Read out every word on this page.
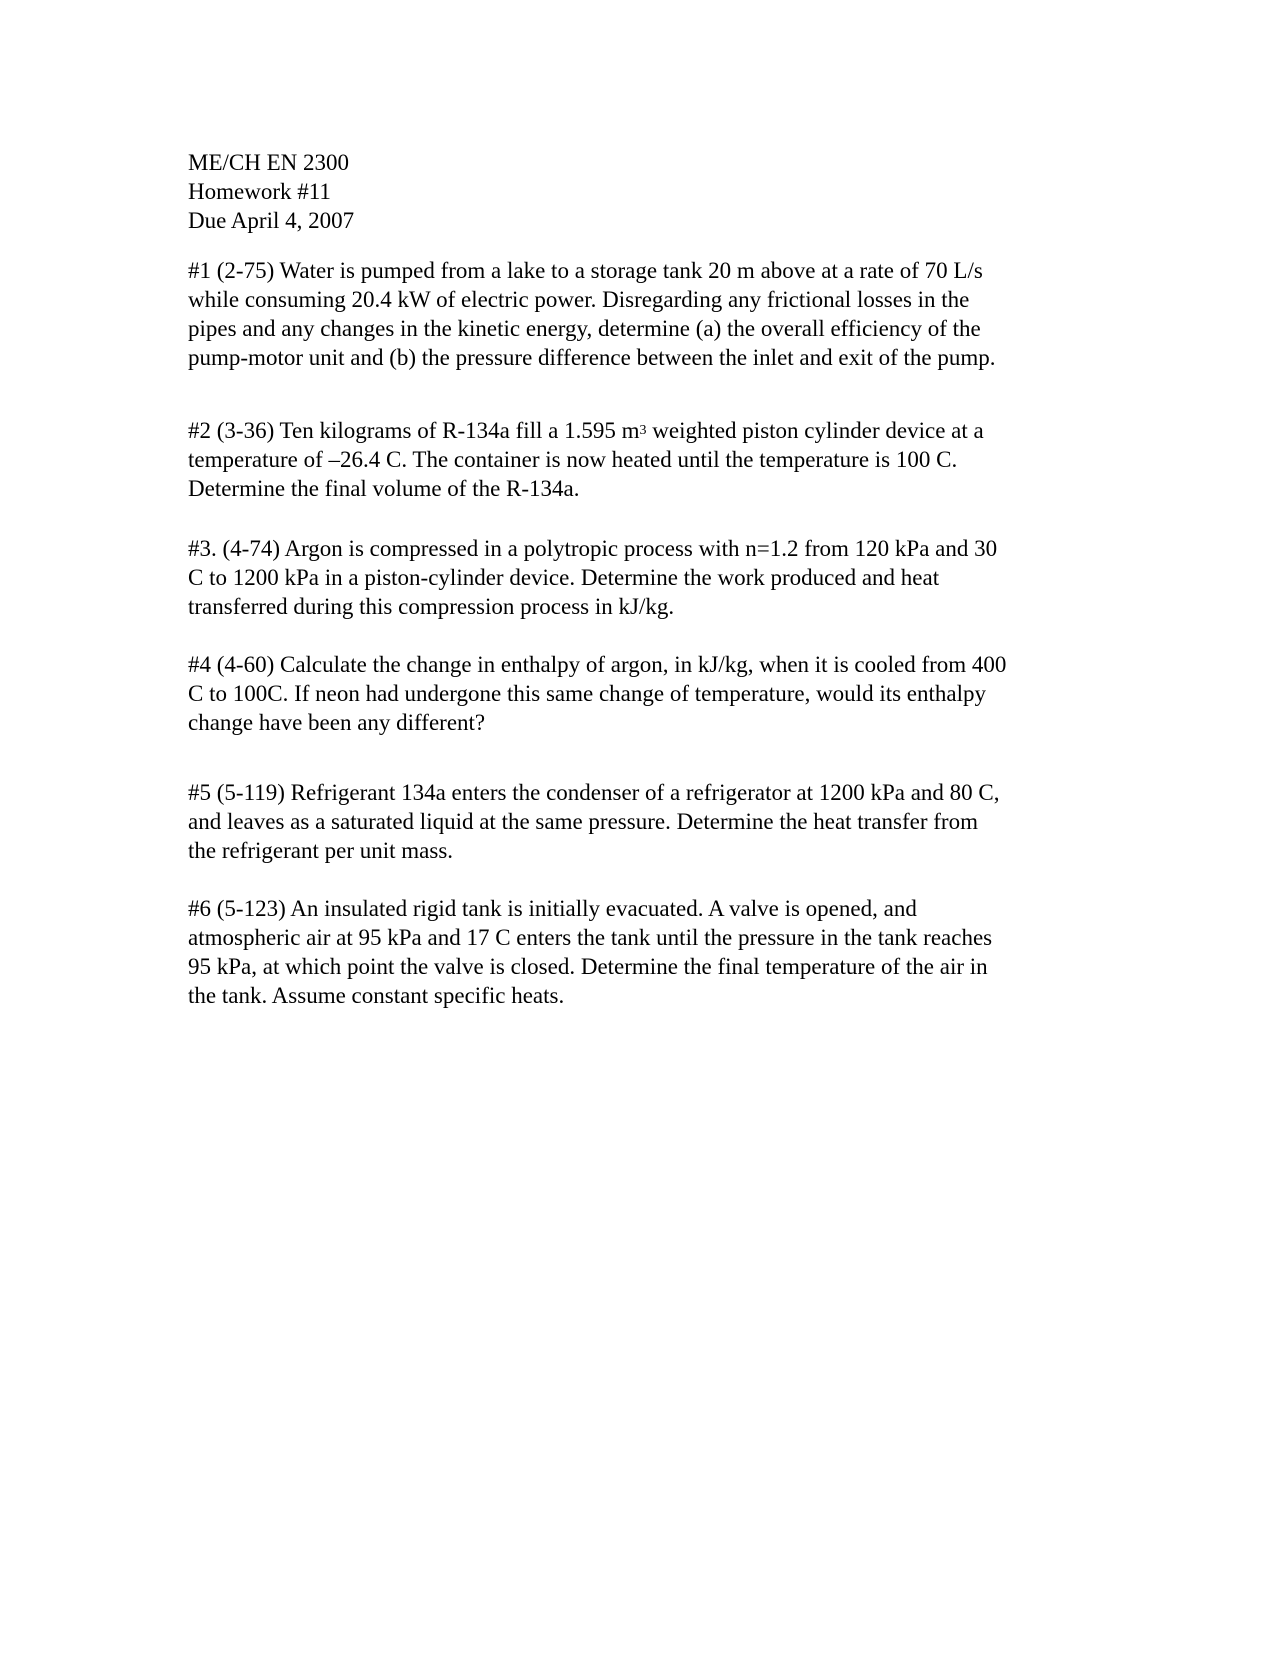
ME/CH EN 2300
Homework #11
Due April 4, 2007
#1 (2-75) Water is pumped from a lake to a storage tank 20 m above at a rate of 70 L/s
while consuming 20.4 kW of electric power. Disregarding any frictional losses in the
pipes and any changes in the kinetic energy, determine (a) the overall efficiency of the
pump-motor unit and (b) the pressure difference between the inlet and exit of the pump.
#2 (3-36) Ten kilograms of R-134a fill a 1.595 $m^3$ weighted piston cylinder device at a
temperature of –26.4 C. The container is now heated until the temperature is 100 C.
Determine the final volume of the R-134a.
#3. (4-74) Argon is compressed in a polytropic process with n=1.2 from 120 kPa and 30
C to 1200 kPa in a piston-cylinder device. Determine the work produced and heat
transferred during this compression process in kJ/kg.
#4 (4-60) Calculate the change in enthalpy of argon, in kJ/kg, when it is cooled from 400
C to 100C. If neon had undergone this same change of temperature, would its enthalpy
change have been any different?
#5 (5-119) Refrigerant 134a enters the condenser of a refrigerator at 1200 kPa and 80 C,
and leaves as a saturated liquid at the same pressure. Determine the heat transfer from
the refrigerant per unit mass.
#6 (5-123) An insulated rigid tank is initially evacuated. A valve is opened, and
atmospheric air at 95 kPa and 17 C enters the tank until the pressure in the tank reaches
95 kPa, at which point the valve is closed. Determine the final temperature of the air in
the tank. Assume constant specific heats.
